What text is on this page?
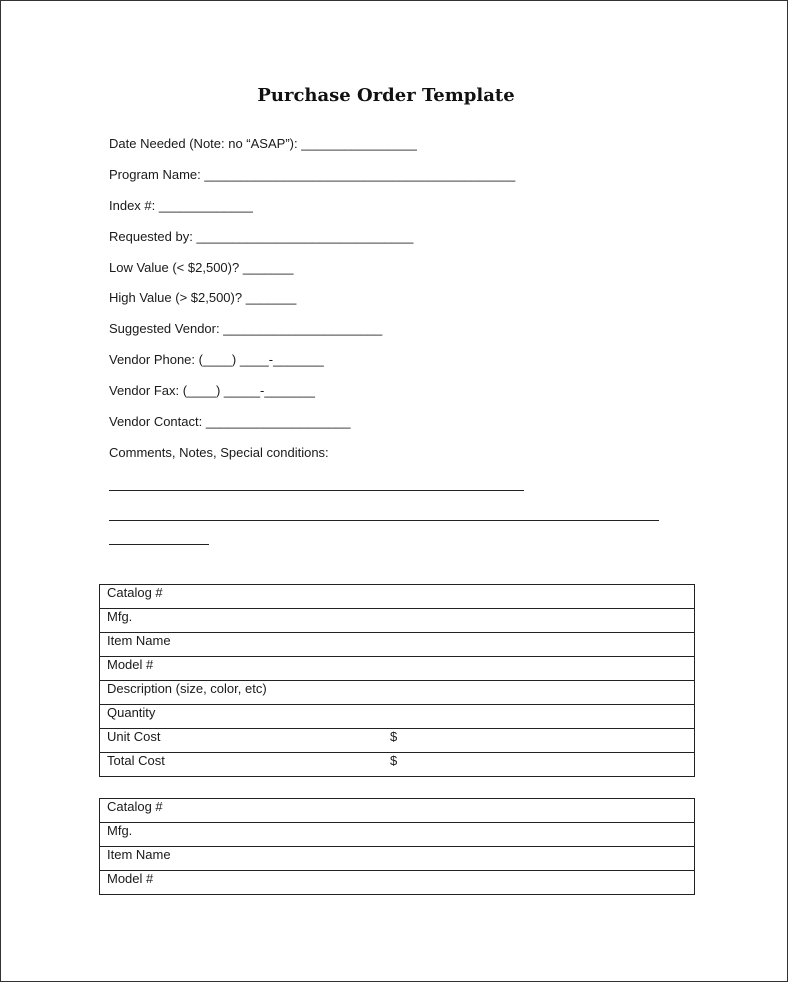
Purchase Order Template
Date Needed (Note: no “ASAP”): ________________
Program Name: ___________________________________________
Index #: _____________
Requested by: ______________________________
Low Value (< $2,500)? _______
High Value (> $2,500)? _______
Suggested Vendor: ______________________
Vendor Phone: (____) ____-_______
Vendor Fax: (____) _____-_______
Vendor Contact: ____________________
Comments, Notes, Special conditions:
Catalog #
Mfg.
Item Name
Model #
Description (size, color, etc)
Quantity
Unit Cost	$
Total Cost	$
Catalog #
Mfg.
Item Name
Model #
